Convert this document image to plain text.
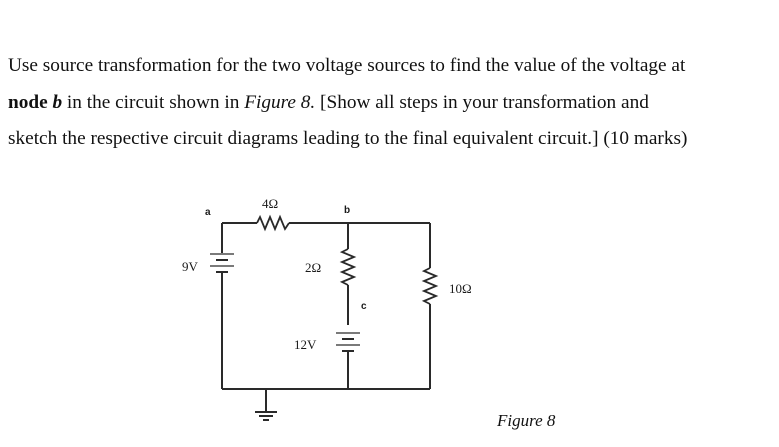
Use source transformation for the two voltage sources to find the value of the voltage at
node b in the circuit shown in Figure 8. [Show all steps in your transformation and
sketch the respective circuit diagrams leading to the final equivalent circuit.] (10 marks)
a	b
c
4Ω
2Ω
10Ω
9V
12V
Figure 8
